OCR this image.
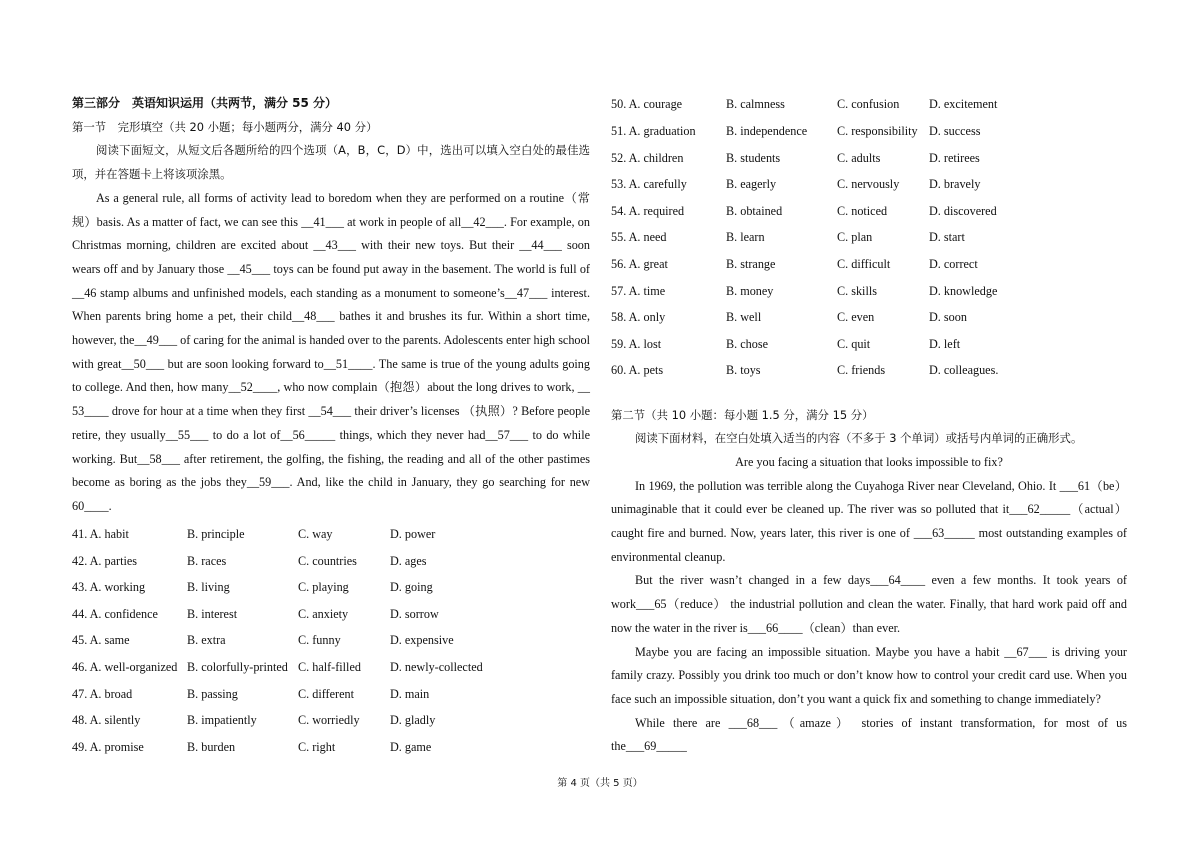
第三部分　英语知识运用（共两节，满分 55 分）

第一节　完形填空（共 20 小题；每小题两分，满分 40 分）

阅读下面短文，从短文后各题所给的四个选项（A，B，C，D）中，选出可以填入空白处的最佳选项，并在答题卡上将该项涂黑。

As a general rule, all forms of activity lead to boredom when they are performed on a routine（常规）basis. As a matter of fact, we can see this __41___ at work in people of all__42___. For example, on Christmas morning, children are excited about __43___ with their new toys. But their __44___ soon wears off and by January those __45___ toys can be found put away in the basement. The world is full of __46 stamp albums and unfinished models, each standing as a monument to someone’s__47___ interest. When parents bring home a pet, their child__48___ bathes it and brushes its fur. Within a short time, however, the__49___ of caring for the animal is handed over to the parents. Adolescents enter high school with great__50___ but are soon looking forward to__51____. The same is true of the young adults going to college. And then, how many__52____, who now complain（抱怨）about the long drives to work, __ 53____ drove for hour at a time when they first __54___ their driver’s licenses （执照）? Before people retire, they usually__55___ to do a lot of__56_____ things, which they never had__57___ to do while working. But__58___ after retirement, the golfing, the fishing, the reading and all of the other pastimes become as boring as the jobs they__59___. And, like the child in January, they go searching for new 60____.

41. A. habit	B. principle	C. way	D. power
42. A. parties	B. races	C. countries	D. ages
43. A. working	B. living	C. playing	D. going
44. A. confidence	B. interest	C. anxiety	D. sorrow
45. A. same	B. extra	C. funny	D. expensive
46. A. well-organized B. colorfully-printed C. half-filled	D. newly-collected
47. A. broad	B. passing	C. different	D. main
48. A. silently	B. impatiently	C. worriedly	D. gladly
49. A. promise	B. burden	C. right	D. game
50. A. courage	B. calmness	C. confusion	D. excitement
51. A. graduation	B. independence	C. responsibility D. success
52. A. children	B. students	C. adults	D. retirees
53. A. carefully	B. eagerly	C. nervously	D. bravely
54. A. required	B. obtained	C. noticed	D. discovered
55. A. need	B. learn	C. plan	D. start
56. A. great	B. strange	C. difficult	D. correct
57. A. time	B. money	C. skills	D. knowledge
58. A. only	B. well	C. even	D. soon
59. A. lost	B. chose	C. quit	D. left
60. A. pets	B. toys	C. friends	D. colleagues.

第二节（共 10 小题：每小题 1.5 分，满分 15 分）

阅读下面材料，在空白处填入适当的内容（不多于 3 个单词）或括号内单词的正确形式。

Are you facing a situation that looks impossible to fix?

In 1969, the pollution was terrible along the Cuyahoga River near Cleveland, Ohio. It ___61（be）unimaginable that it could ever be cleaned up. The river was so polluted that it___62_____（actual）caught fire and burned. Now, years later, this river is one of ___63_____ most outstanding examples of environmental cleanup.

But the river wasn’t changed in a few days___64____ even a few months. It took years of work___65（reduce） the industrial pollution and clean the water. Finally, that hard work paid off and now the water in the river is___66____（clean）than ever.

Maybe you are facing an impossible situation. Maybe you have a habit __67___ is driving your family crazy. Possibly you drink too much or don’t know how to control your credit card use. When you face such an impossible situation, don’t you want a quick fix and something to change immediately?

While there are ___68___（amaze） stories of instant transformation, for most of us the___69_____

第 4 页（共 5 页）
